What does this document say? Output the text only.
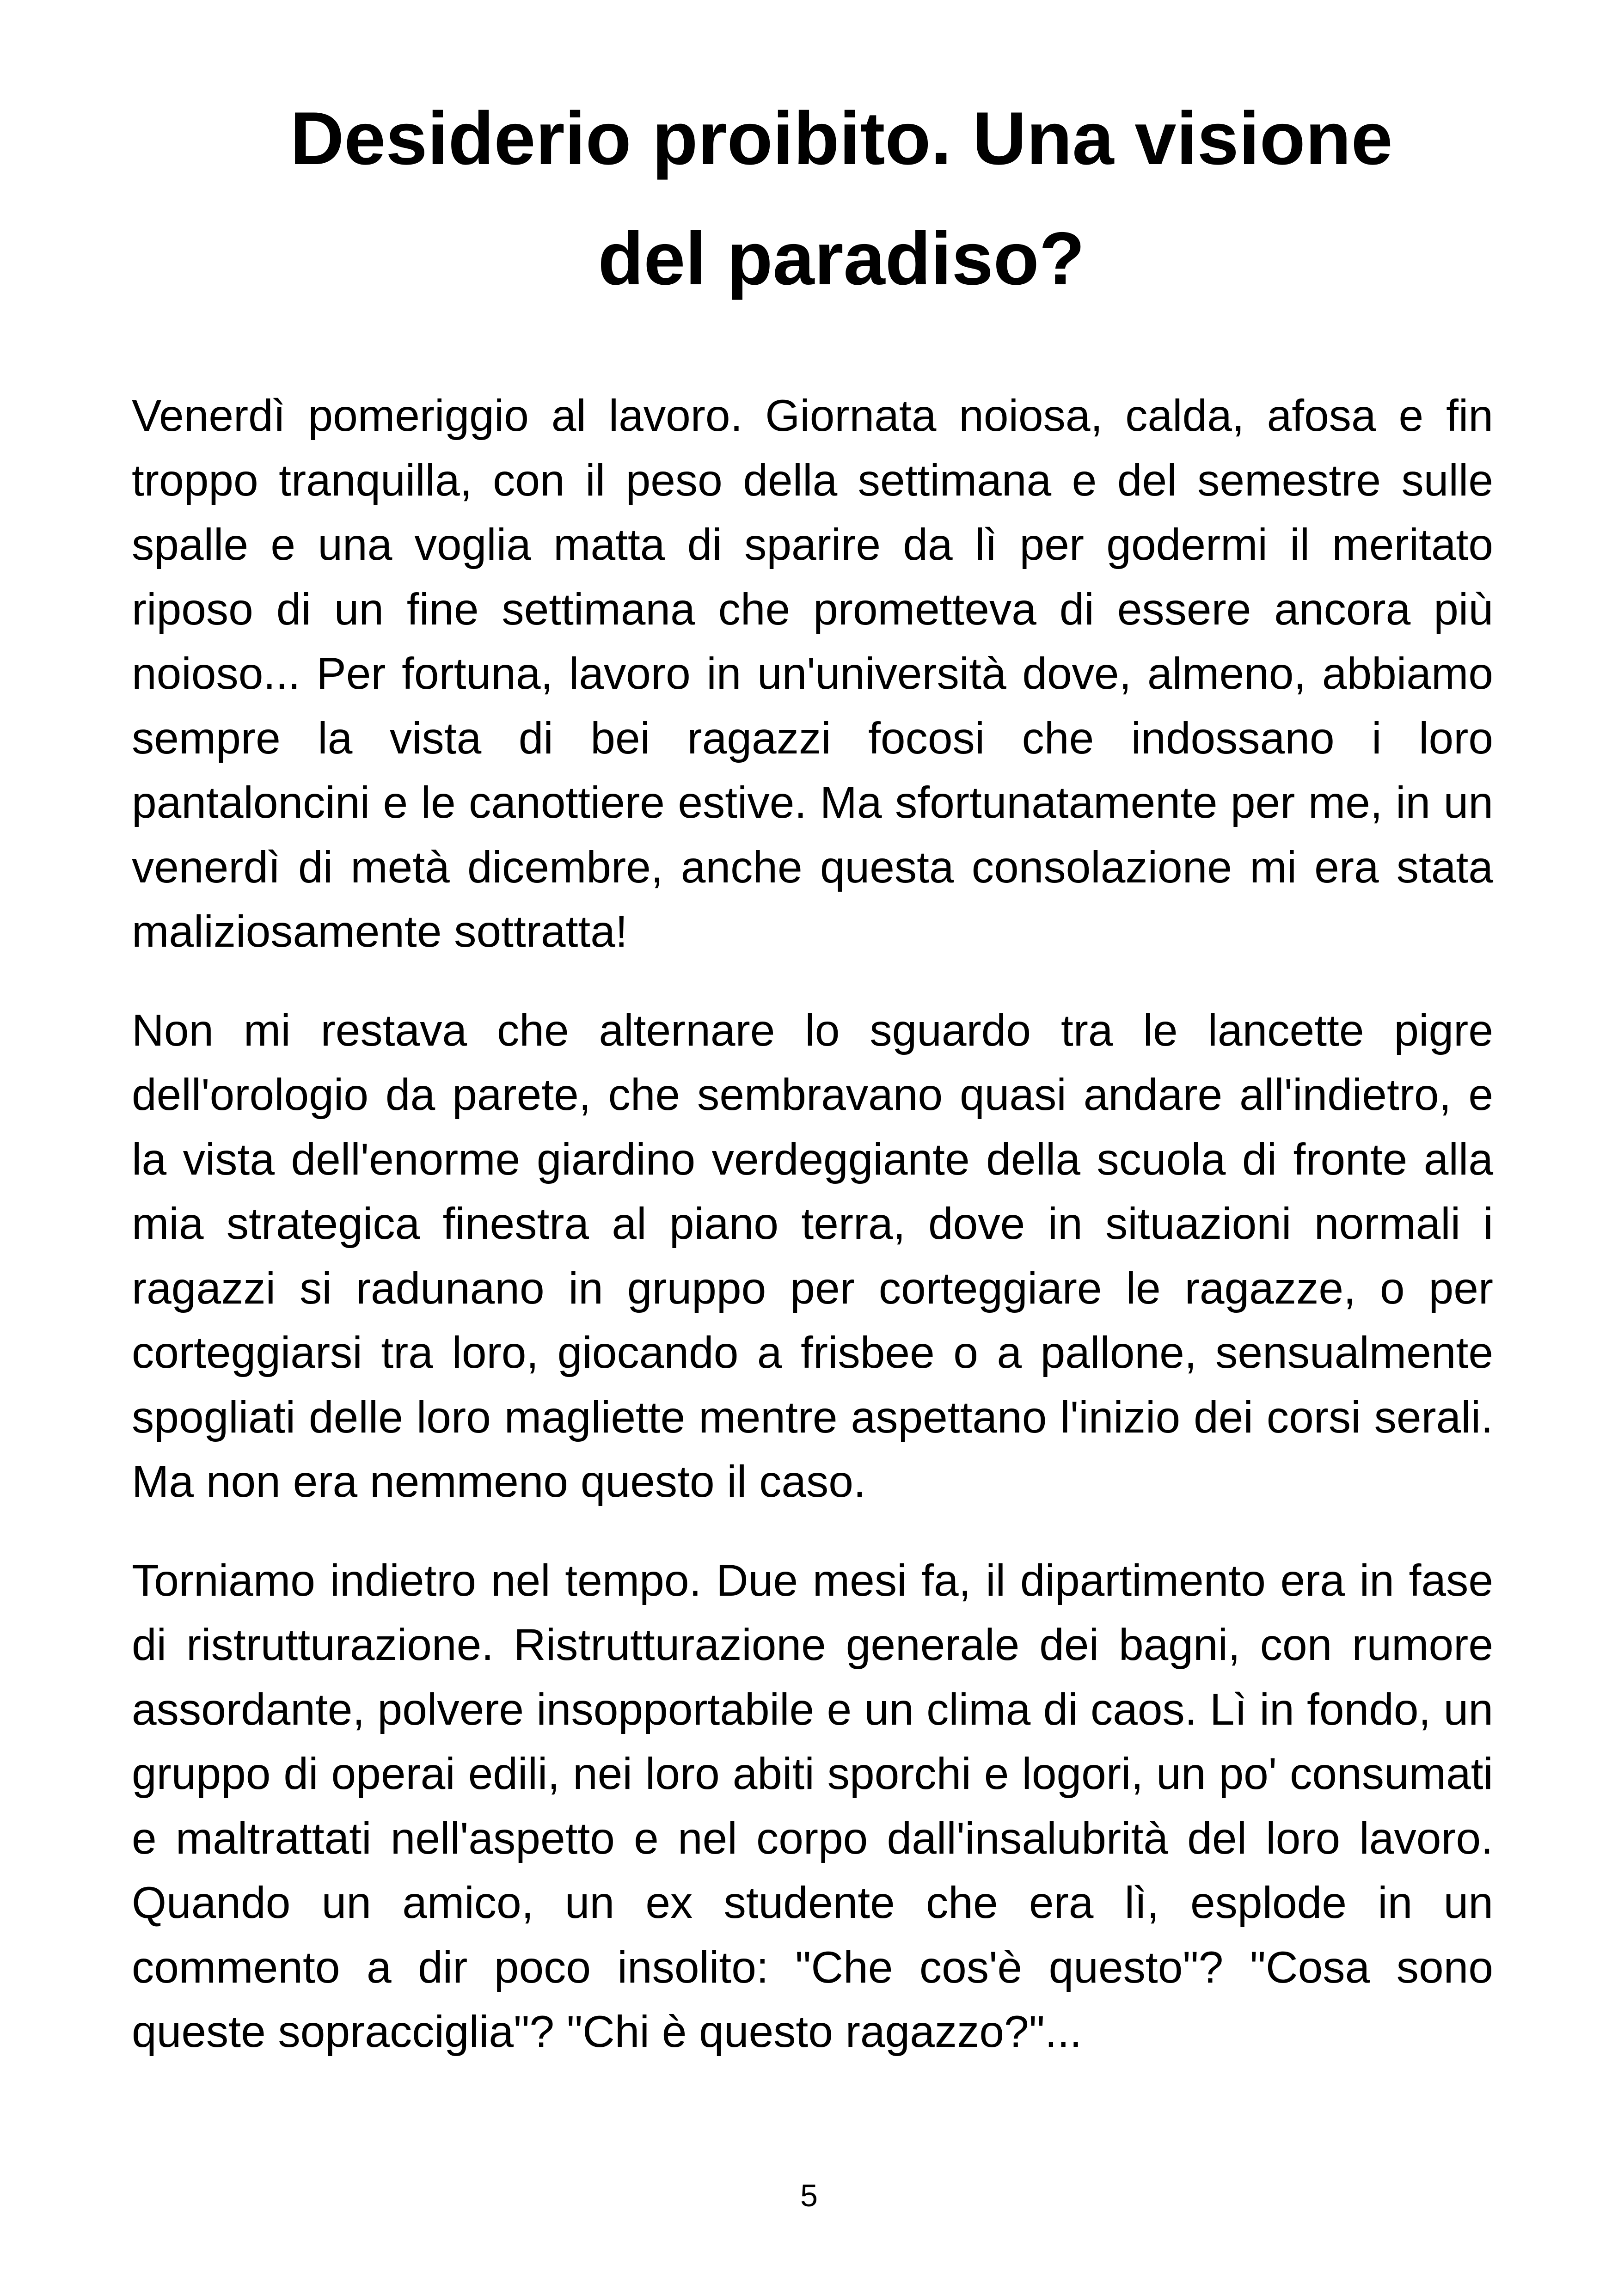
Desiderio proibito. Una visione del paradiso?

Venerdì pomeriggio al lavoro. Giornata noiosa, calda, afosa e fin troppo tranquilla, con il peso della settimana e del semestre sulle spalle e una voglia matta di sparire da lì per godermi il meritato riposo di un fine settimana che prometteva di essere ancora più noioso... Per fortuna, lavoro in un'università dove, almeno, abbiamo sempre la vista di bei ragazzi focosi che indossano i loro pantaloncini e le canottiere estive. Ma sfortunatamente per me, in un venerdì di metà dicembre, anche questa consolazione mi era stata maliziosamente sottratta!

Non mi restava che alternare lo sguardo tra le lancette pigre dell'orologio da parete, che sembravano quasi andare all'indietro, e la vista dell'enorme giardino verdeggiante della scuola di fronte alla mia strategica finestra al piano terra, dove in situazioni normali i ragazzi si radunano in gruppo per corteggiare le ragazze, o per corteggiarsi tra loro, giocando a frisbee o a pallone, sensualmente spogliati delle loro magliette mentre aspettano l'inizio dei corsi serali. Ma non era nemmeno questo il caso.

Torniamo indietro nel tempo. Due mesi fa, il dipartimento era in fase di ristrutturazione. Ristrutturazione generale dei bagni, con rumore assordante, polvere insopportabile e un clima di caos. Lì in fondo, un gruppo di operai edili, nei loro abiti sporchi e logori, un po' consumati e maltrattati nell'aspetto e nel corpo dall'insalubrità del loro lavoro. Quando un amico, un ex studente che era lì, esplode in un commento a dir poco insolito: "Che cos'è questo"? "Cosa sono queste sopracciglia"? "Chi è questo ragazzo?"...

5
